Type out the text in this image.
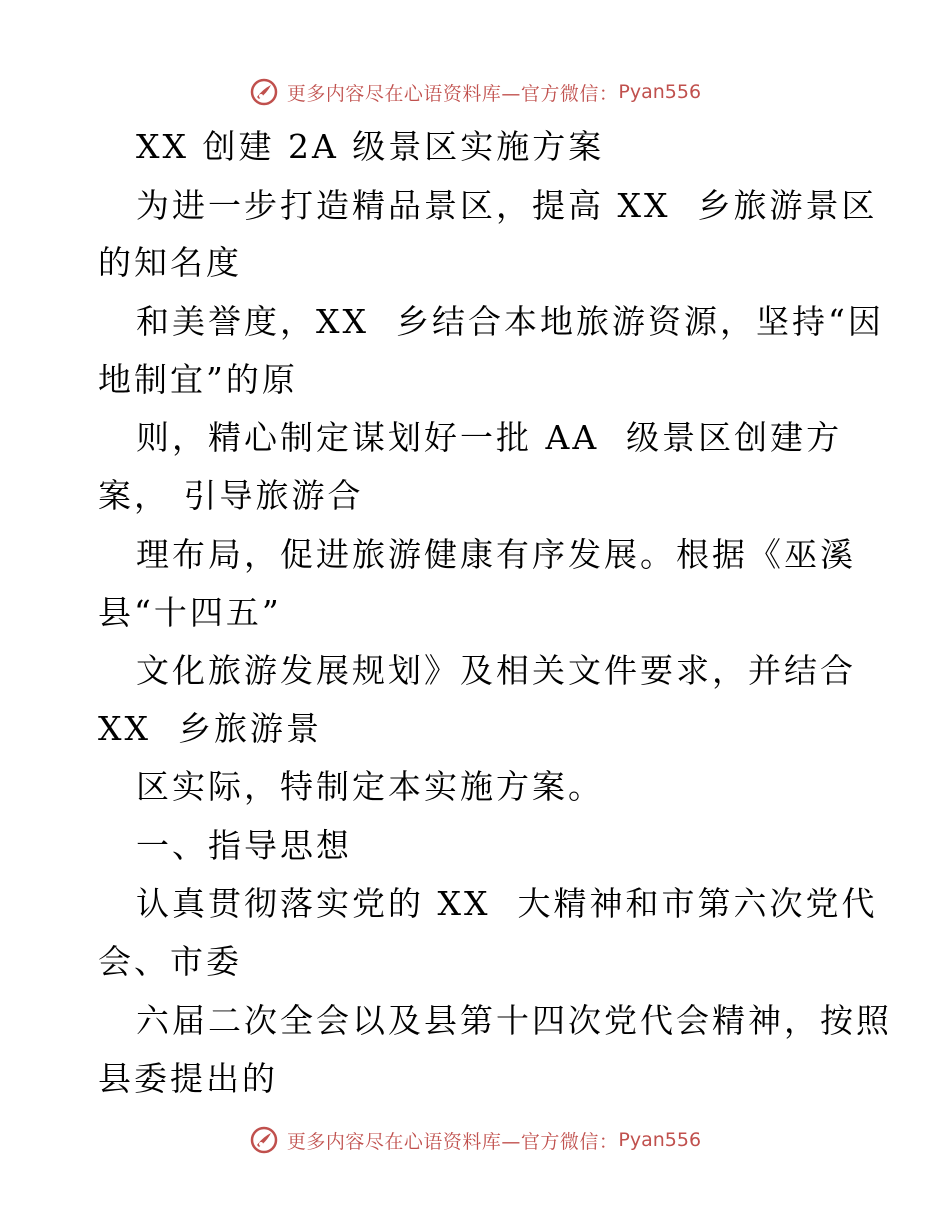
更多内容尽在心语资料库—官方微信： Pyan556
XX 创建 2A 级景区实施方案
为进一步打造精品景区，提高 XX  乡旅游景区
的知名度
和美誉度，XX  乡结合本地旅游资源，坚持“因
地制宜”的原
则，精心制定谋划好一批 AA  级景区创建方
案， 引导旅游合
理布局，促进旅游健康有序发展。根据《巫溪
县“十四五”
文化旅游发展规划》及相关文件要求，并结合
XX  乡旅游景
区实际，特制定本实施方案。
一、指导思想
认真贯彻落实党的 XX  大精神和市第六次党代
会、市委
六届二次全会以及县第十四次党代会精神，按照
县委提出的
更多内容尽在心语资料库—官方微信： Pyan556
